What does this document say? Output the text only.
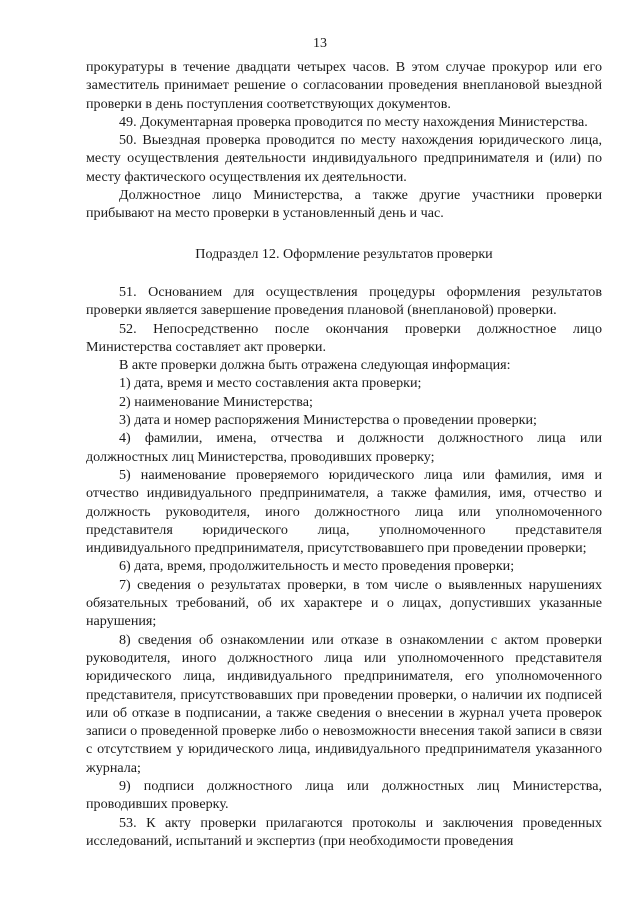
13

прокуратуры в течение двадцати четырех часов. В этом случае прокурор или его заместитель принимает решение о согласовании проведения внеплановой выездной проверки в день поступления соответствующих документов.

49. Документарная проверка проводится по месту нахождения Министерства.

50. Выездная проверка проводится по месту нахождения юридического лица, месту осуществления деятельности индивидуального предпринимателя и (или) по месту фактического осуществления их деятельности.

Должностное лицо Министерства, а также другие участники проверки прибывают на место проверки в установленный день и час.

Подраздел 12. Оформление результатов проверки

51. Основанием для осуществления процедуры оформления результатов проверки является завершение проведения плановой (внеплановой) проверки.

52. Непосредственно после окончания проверки должностное лицо Министерства составляет акт проверки.

В акте проверки должна быть отражена следующая информация:

1) дата, время и место составления акта проверки;

2) наименование Министерства;

3) дата и номер распоряжения Министерства о проведении проверки;

4) фамилии, имена, отчества и должности должностного лица или должностных лиц Министерства, проводивших проверку;

5) наименование проверяемого юридического лица или фамилия, имя и отчество индивидуального предпринимателя, а также фамилия, имя, отчество и должность руководителя, иного должностного лица или уполномоченного представителя юридического лица, уполномоченного представителя индивидуального предпринимателя, присутствовавшего при проведении проверки;

6) дата, время, продолжительность и место проведения проверки;

7) сведения о результатах проверки, в том числе о выявленных нарушениях обязательных требований, об их характере и о лицах, допустивших указанные нарушения;

8) сведения об ознакомлении или отказе в ознакомлении с актом проверки руководителя, иного должностного лица или уполномоченного представителя юридического лица, индивидуального предпринимателя, его уполномоченного представителя, присутствовавших при проведении проверки, о наличии их подписей или об отказе в подписании, а также сведения о внесении в журнал учета проверок записи о проведенной проверке либо о невозможности внесения такой записи в связи с отсутствием у юридического лица, индивидуального предпринимателя указанного журнала;

9) подписи должностного лица или должностных лиц Министерства, проводивших проверку.

53. К акту проверки прилагаются протоколы и заключения проведенных исследований, испытаний и экспертиз (при необходимости проведения
